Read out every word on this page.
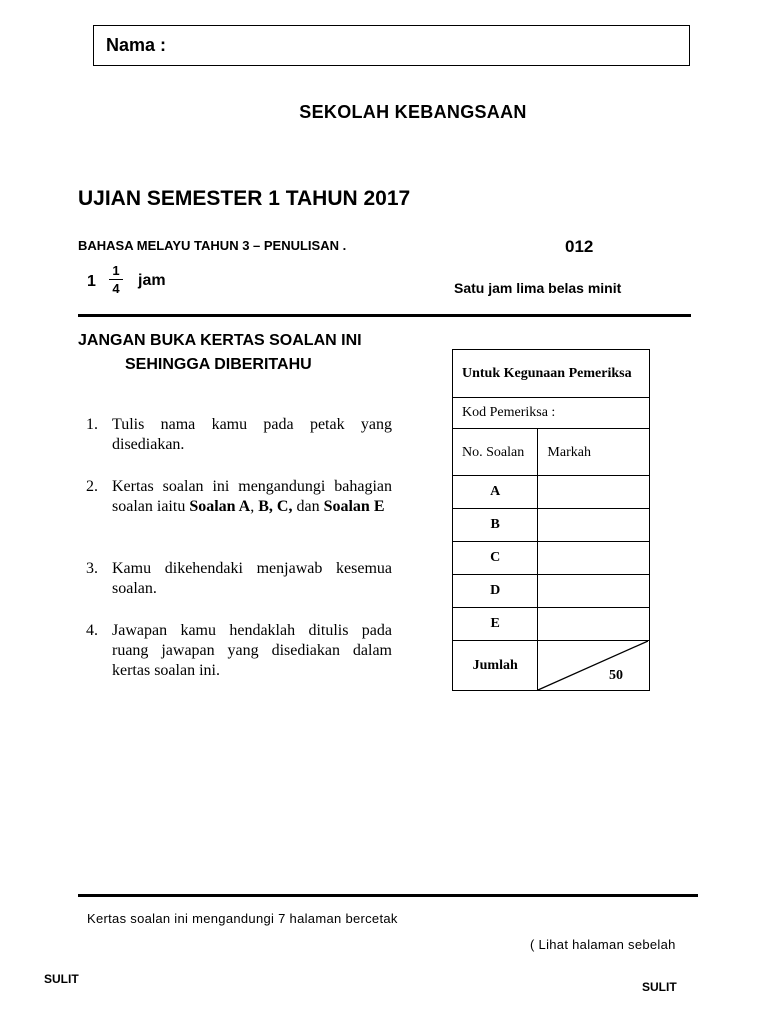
Nama :
SEKOLAH KEBANGSAAN
UJIAN SEMESTER 1 TAHUN 2017
BAHASA MELAYU TAHUN 3 – PENULISAN .	012
1
1
4 jam	Satu jam lima belas minit
JANGAN BUKA KERTAS SOALAN INI
SEHINGGA DIBERITAHU
1. Tulis nama kamu pada petak yang disediakan.
2. Kertas soalan ini mengandungi bahagian soalan iaitu Soalan A, B, C, dan Soalan E
3. Kamu dikehendaki menjawab kesemua soalan.
4. Jawapan kamu hendaklah ditulis pada ruang jawapan yang disediakan dalam kertas soalan ini.
Untuk Kegunaan Pemeriksa	
Kod Pemeriksa :	
No. Soalan	Markah
A	
B	
C	
D	
E	
Jumlah	50
Kertas soalan ini mengandungi 7 halaman bercetak
( Lihat halaman sebelah
SULIT
SULIT
